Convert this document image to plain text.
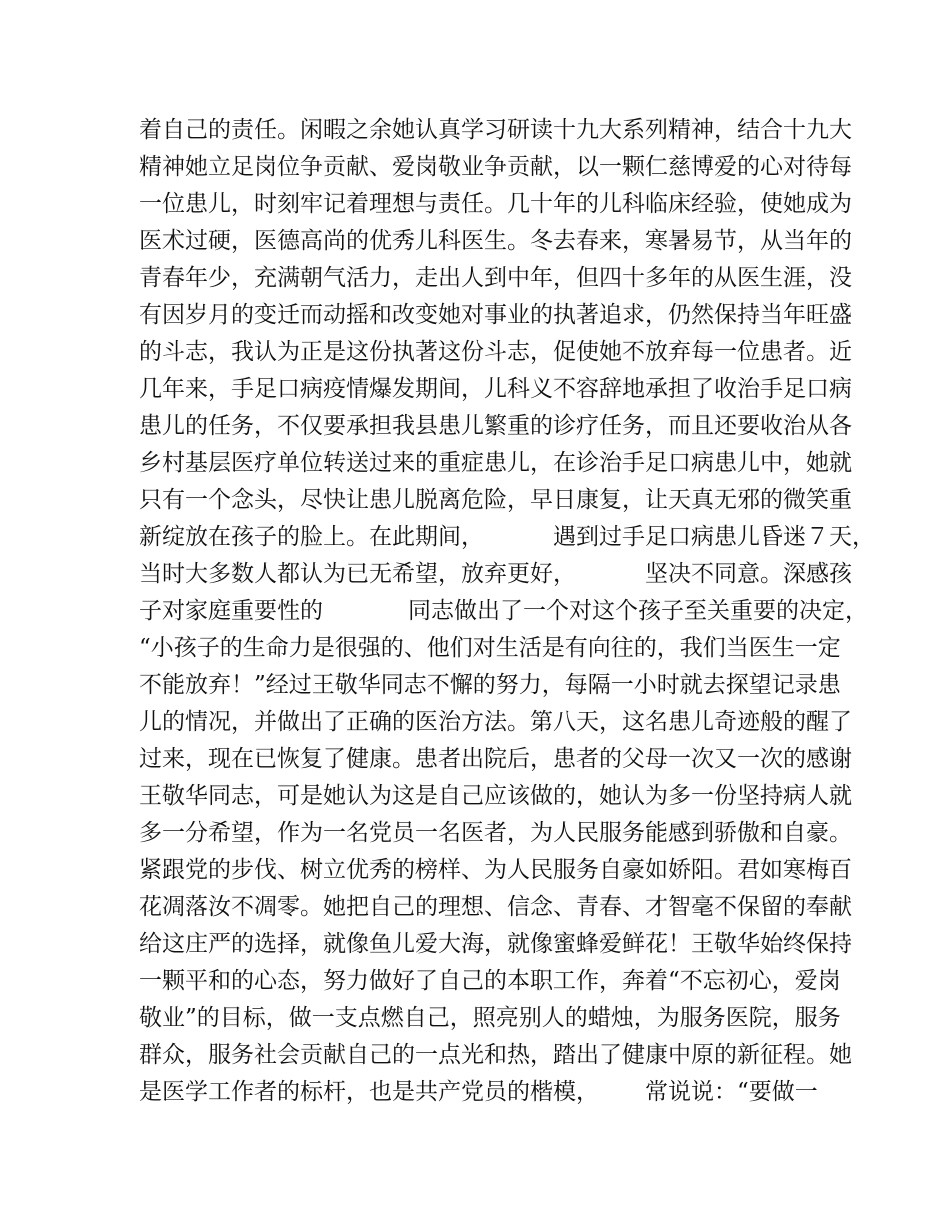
着自己的责任。闲暇之余她认真学习研读十九大系列精神，结合十九大
精神她立足岗位争贡献、爱岗敬业争贡献，以一颗仁慈博爱的心对待每
一位患儿，时刻牢记着理想与责任。几十年的儿科临床经验，使她成为
医术过硬，医德高尚的优秀儿科医生。冬去春来，寒暑易节，从当年的
青春年少，充满朝气活力，走出人到中年，但四十多年的从医生涯，没
有因岁月的变迁而动摇和改变她对事业的执著追求，仍然保持当年旺盛
的斗志，我认为正是这份执著这份斗志，促使她不放弃每一位患者。近
几年来，手足口病疫情爆发期间，儿科义不容辞地承担了收治手足口病
患儿的任务，不仅要承担我县患儿繁重的诊疗任务，而且还要收治从各
乡村基层医疗单位转送过来的重症患儿，在诊治手足口病患儿中，她就
只有一个念头，尽快让患儿脱离危险，早日康复，让天真无邪的微笑重
新绽放在孩子的脸上。在此期间，	遇到过手足口病患儿昏迷７天，
当时大多数人都认为已无希望，放弃更好，	坚决不同意。深感孩
子对家庭重要性的	同志做出了一个对这个孩子至关重要的决定，
“小孩子的生命力是很强的、他们对生活是有向往的，我们当医生一定
不能放弃！”经过王敬华同志不懈的努力，每隔一小时就去探望记录患
儿的情况，并做出了正确的医治方法。第八天，这名患儿奇迹般的醒了
过来，现在已恢复了健康。患者出院后，患者的父母一次又一次的感谢
王敬华同志，可是她认为这是自己应该做的，她认为多一份坚持病人就
多一分希望，作为一名党员一名医者，为人民服务能感到骄傲和自豪。
紧跟党的步伐、树立优秀的榜样、为人民服务自豪如娇阳。君如寒梅百
花凋落汝不凋零。她把自己的理想、信念、青春、才智毫不保留的奉献
给这庄严的选择，就像鱼儿爱大海，就像蜜蜂爱鲜花！王敬华始终保持
一颗平和的心态，努力做好了自己的本职工作，奔着“不忘初心，爱岗
敬业”的目标，做一支点燃自己，照亮别人的蜡烛，为服务医院，服务
群众，服务社会贡献自己的一点光和热，踏出了健康中原的新征程。她
是医学工作者的标杆，也是共产党员的楷模， 常说说：“要做一
